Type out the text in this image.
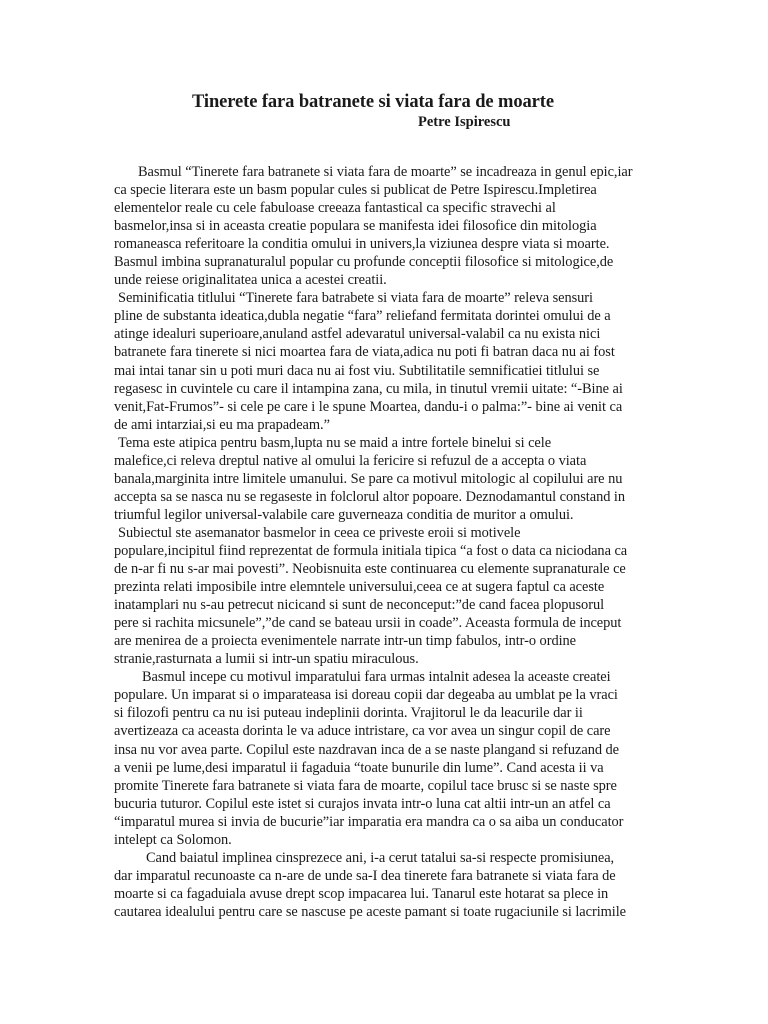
Tinerete fara batranete si viata fara de moarte
Petre Ispirescu
Basmul “Tinerete fara batranete si viata fara de moarte” se incadreaza in genul epic,iar
ca specie literara este un basm popular cules si publicat de Petre Ispirescu.Impletirea
elementelor reale cu cele fabuloase creeaza fantastical ca specific stravechi al
basmelor,insa si in aceasta creatie populara se manifesta idei filosofice din mitologia
romaneasca referitoare la conditia omului in univers,la viziunea despre viata si moarte.
Basmul imbina supranaturalul popular cu profunde conceptii filosofice si mitologice,de
unde reiese originalitatea unica a acestei creatii.
Seminificatia titlului “Tinerete fara batrabete si viata fara de moarte” releva sensuri
pline de substanta ideatica,dubla negatie “fara” reliefand fermitata dorintei omului de a
atinge idealuri superioare,anuland astfel adevaratul universal-valabil ca nu exista nici
batranete fara tinerete si nici moartea fara de viata,adica nu poti fi batran daca nu ai fost
mai intai tanar sin u poti muri daca nu ai fost viu. Subtilitatile semnificatiei titlului se
regasesc in cuvintele cu care il intampina zana, cu mila, in tinutul vremii uitate: “-Bine ai
venit,Fat-Frumos”- si cele pe care i le spune Moartea, dandu-i o palma:”- bine ai venit ca
de ami intarziai,si eu ma prapadeam.”
Tema este atipica pentru basm,lupta nu se maid a intre fortele binelui si cele
malefice,ci releva dreptul native al omului la fericire si refuzul de a accepta o viata
banala,marginita intre limitele umanului. Se pare ca motivul mitologic al copilului are nu
accepta sa se nasca nu se regaseste in folclorul altor popoare. Deznodamantul constand in
triumful legilor universal-valabile care guverneaza conditia de muritor a omului.
Subiectul ste asemanator basmelor in ceea ce priveste eroii si motivele
populare,incipitul fiind reprezentat de formula initiala tipica “a fost o data ca niciodana ca
de n-ar fi nu s-ar mai povesti”. Neobisnuita este continuarea cu elemente supranaturale ce
prezinta relati imposibile intre elemntele universului,ceea ce at sugera faptul ca aceste
inatamplari nu s-au petrecut nicicand si sunt de neconceput:”de cand facea plopusorul
pere si rachita micsunele”,”de cand se bateau ursii in coade”. Aceasta formula de inceput
are menirea de a proiecta evenimentele narrate intr-un timp fabulos, intr-o ordine
stranie,rasturnata a lumii si intr-un spatiu miraculous.
Basmul incepe cu motivul imparatului fara urmas intalnit adesea la aceaste createi
populare. Un imparat si o imparateasa isi doreau copii dar degeaba au umblat pe la vraci
si filozofi pentru ca nu isi puteau indeplinii dorinta. Vrajitorul le da leacurile dar ii
avertizeaza ca aceasta dorinta le va aduce intristare, ca vor avea un singur copil de care
insa nu vor avea parte. Copilul este nazdravan inca de a se naste plangand si refuzand de
a venii pe lume,desi imparatul ii fagaduia “toate bunurile din lume”. Cand acesta ii va
promite Tinerete fara batranete si viata fara de moarte, copilul tace brusc si se naste spre
bucuria tuturor. Copilul este istet si curajos invata intr-o luna cat altii intr-un an atfel ca
“imparatul murea si invia de bucurie”iar imparatia era mandra ca o sa aiba un conducator
intelept ca Solomon.
Cand baiatul implinea cinsprezece ani, i-a cerut tatalui sa-si respecte promisiunea,
dar imparatul recunoaste ca n-are de unde sa-I dea tinerete fara batranete si viata fara de
moarte si ca fagaduiala avuse drept scop impacarea lui. Tanarul este hotarat sa plece in
cautarea idealului pentru care se nascuse pe aceste pamant si toate rugaciunile si lacrimile
